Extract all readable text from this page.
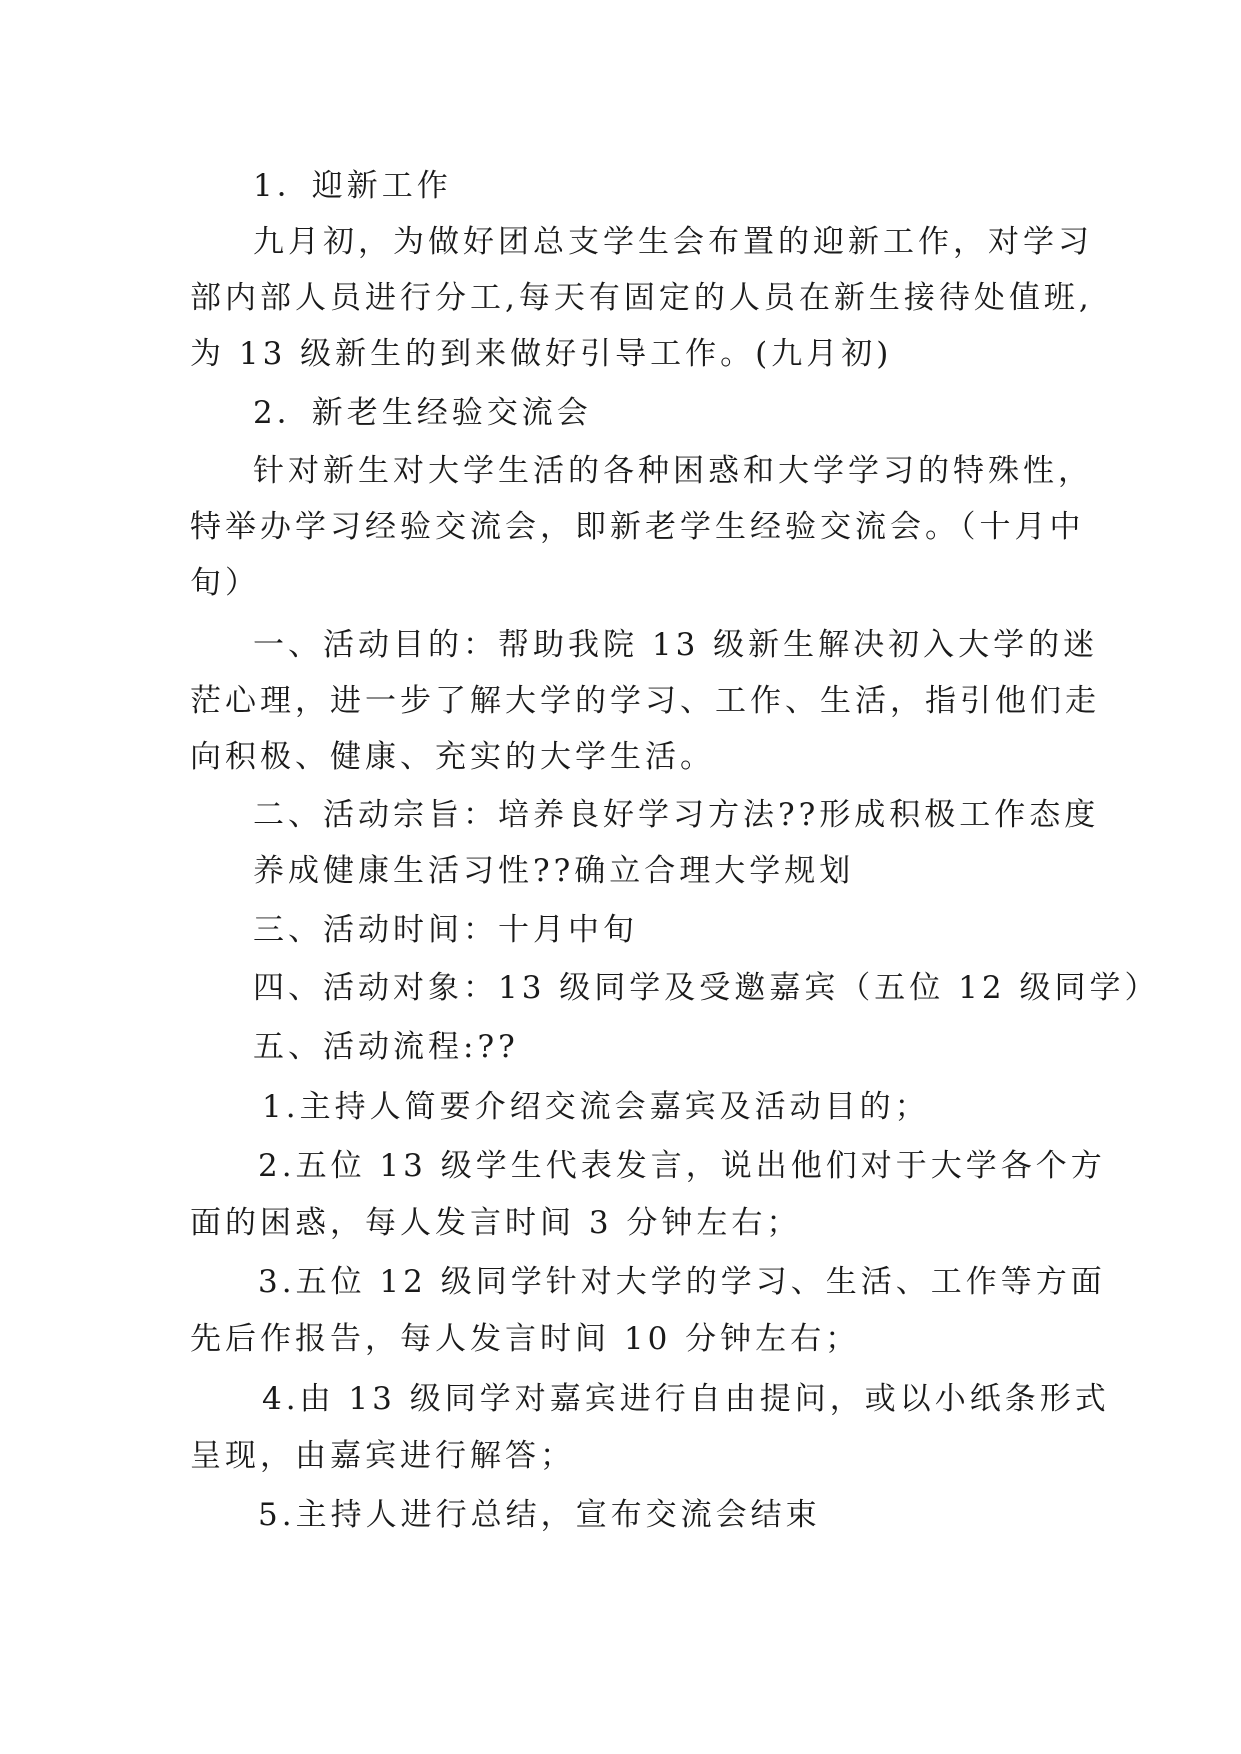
1．迎新工作
九月初，为做好团总支学生会布置的迎新工作，对学习
部内部人员进行分工,每天有固定的人员在新生接待处值班,
为 13 级新生的到来做好引导工作。(九月初)
2．新老生经验交流会
针对新生对大学生活的各种困惑和大学学习的特殊性，
特举办学习经验交流会，即新老学生经验交流会。（十月中
旬）
一、活动目的：帮助我院 13 级新生解决初入大学的迷
茫心理，进一步了解大学的学习、工作、生活，指引他们走
向积极、健康、充实的大学生活。
二、活动宗旨：培养良好学习方法??形成积极工作态度
养成健康生活习性??确立合理大学规划
三、活动时间：十月中旬
四、活动对象：13 级同学及受邀嘉宾（五位 12 级同学）
五、活动流程:??
1.主持人简要介绍交流会嘉宾及活动目的；
2.五位 13 级学生代表发言，说出他们对于大学各个方
面的困惑，每人发言时间 3 分钟左右；
3.五位 12 级同学针对大学的学习、生活、工作等方面
先后作报告，每人发言时间 10 分钟左右；
4.由 13 级同学对嘉宾进行自由提问，或以小纸条形式
呈现，由嘉宾进行解答；
5.主持人进行总结，宣布交流会结束
